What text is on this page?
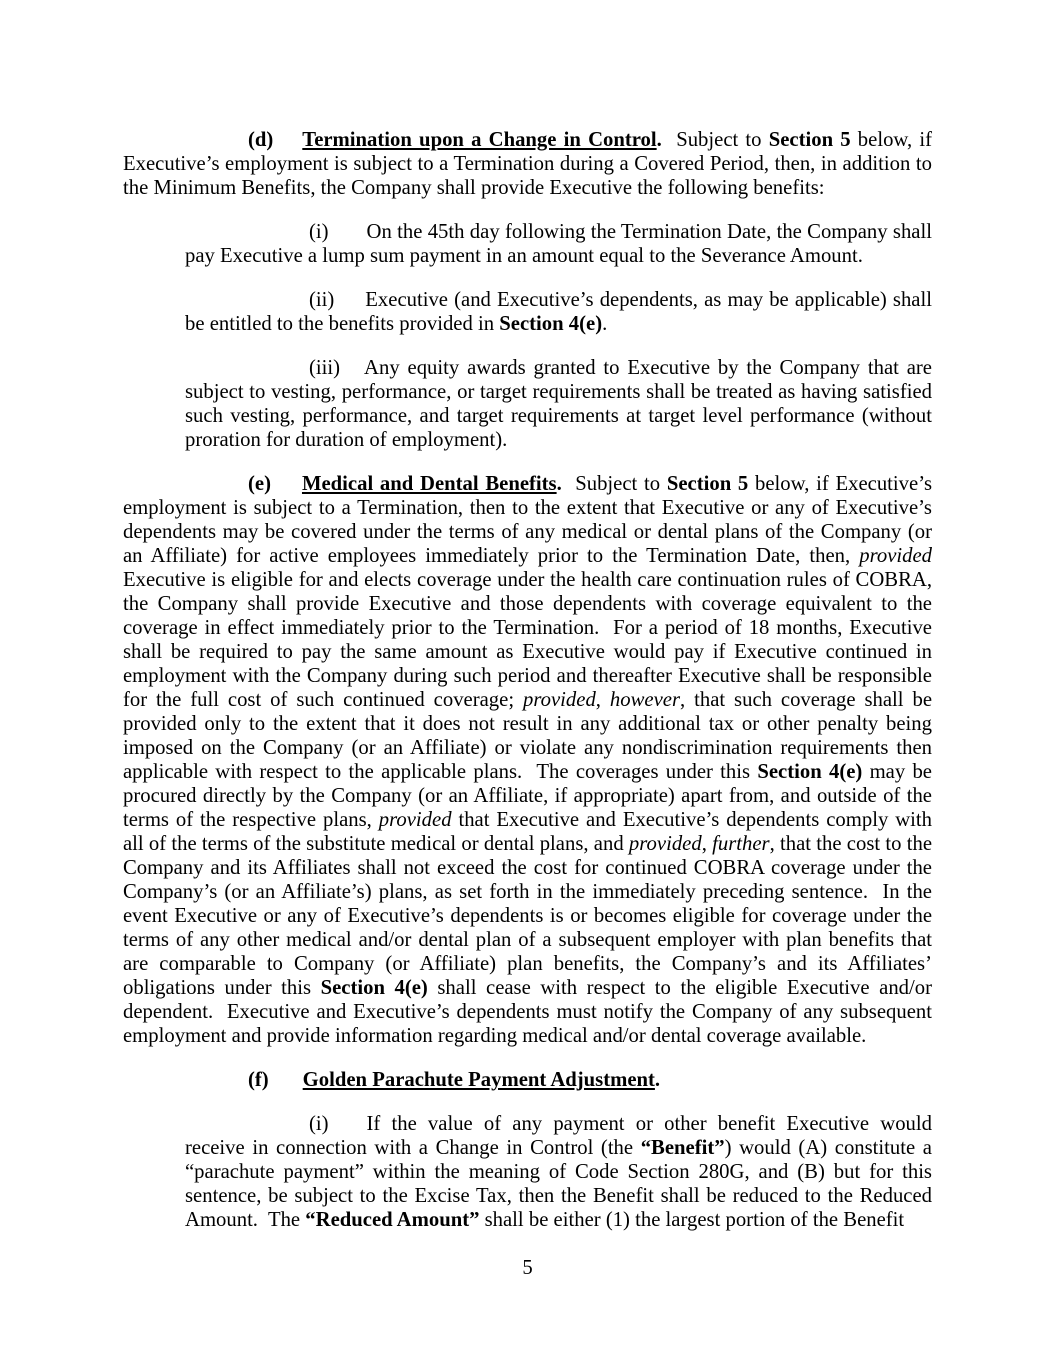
(d) Termination upon a Change in Control.  Subject to Section 5 below, if Executive’s employment is subject to a Termination during a Covered Period, then, in addition to the Minimum Benefits, the Company shall provide Executive the following benefits:

(i) On the 45th day following the Termination Date, the Company shall pay Executive a lump sum payment in an amount equal to the Severance Amount.

(ii) Executive (and Executive’s dependents, as may be applicable) shall be entitled to the benefits provided in Section 4(e).

(iii) Any equity awards granted to Executive by the Company that are subject to vesting, performance, or target requirements shall be treated as having satisfied such vesting, performance, and target requirements at target level performance (without proration for duration of employment).

(e) Medical and Dental Benefits.  Subject to Section 5 below, if Executive’s employment is subject to a Termination, then to the extent that Executive or any of Executive’s dependents may be covered under the terms of any medical or dental plans of the Company (or an Affiliate) for active employees immediately prior to the Termination Date, then, provided Executive is eligible for and elects coverage under the health care continuation rules of COBRA, the Company shall provide Executive and those dependents with coverage equivalent to the coverage in effect immediately prior to the Termination.  For a period of 18 months, Executive shall be required to pay the same amount as Executive would pay if Executive continued in employment with the Company during such period and thereafter Executive shall be responsible for the full cost of such continued coverage; provided, however, that such coverage shall be provided only to the extent that it does not result in any additional tax or other penalty being imposed on the Company (or an Affiliate) or violate any nondiscrimination requirements then applicable with respect to the applicable plans.  The coverages under this Section 4(e) may be procured directly by the Company (or an Affiliate, if appropriate) apart from, and outside of the terms of the respective plans, provided that Executive and Executive’s dependents comply with all of the terms of the substitute medical or dental plans, and provided, further, that the cost to the Company and its Affiliates shall not exceed the cost for continued COBRA coverage under the Company’s (or an Affiliate’s) plans, as set forth in the immediately preceding sentence.  In the event Executive or any of Executive’s dependents is or becomes eligible for coverage under the terms of any other medical and/or dental plan of a subsequent employer with plan benefits that are comparable to Company (or Affiliate) plan benefits, the Company’s and its Affiliates’ obligations under this Section 4(e) shall cease with respect to the eligible Executive and/or dependent.  Executive and Executive’s dependents must notify the Company of any subsequent employment and provide information regarding medical and/or dental coverage available.

(f) Golden Parachute Payment Adjustment.

(i) If the value of any payment or other benefit Executive would receive in connection with a Change in Control (the “Benefit”) would (A) constitute a “parachute payment” within the meaning of Code Section 280G, and (B) but for this sentence, be subject to the Excise Tax, then the Benefit shall be reduced to the Reduced Amount.  The “Reduced Amount” shall be either (1) the largest portion of the Benefit

5
